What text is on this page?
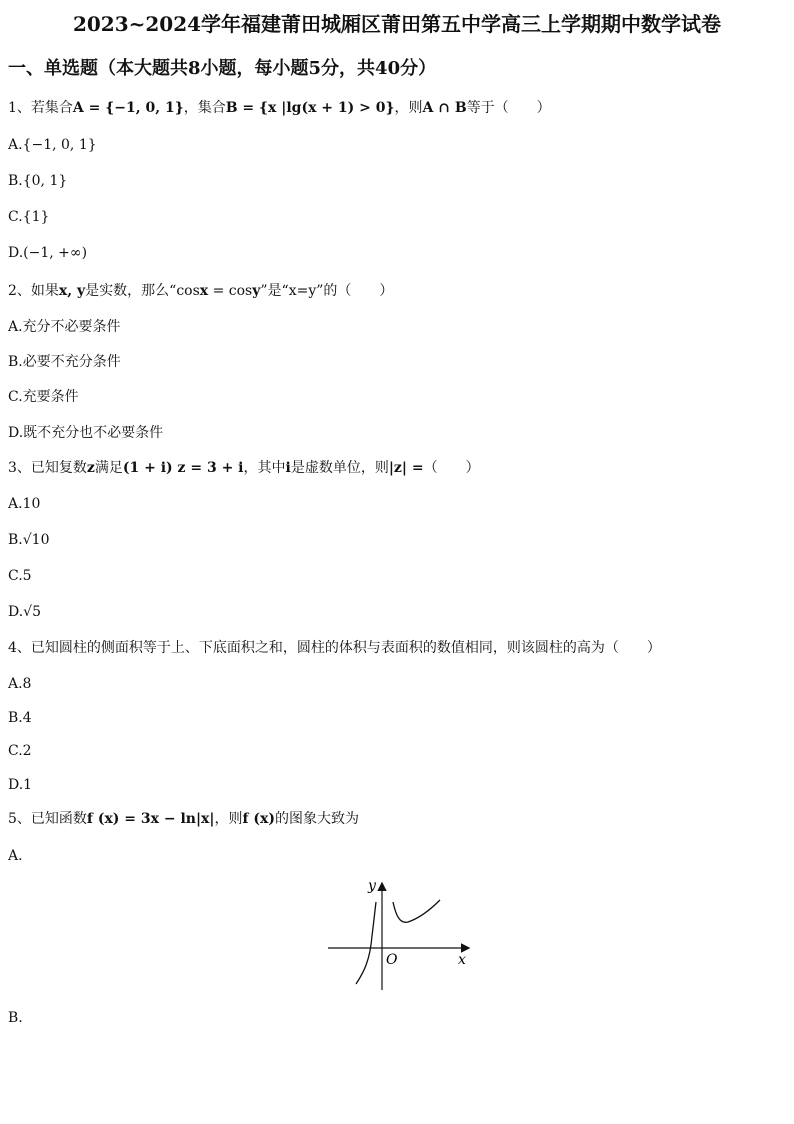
2023~2024学年福建莆田城厢区莆田第五中学高三上学期期中数学试卷
一、单选题（本大题共8小题，每小题5分，共40分）
1、若集合A = {−1, 0, 1}，集合B = {x |lg(x + 1) > 0}，则A ∩ B等于（　　）
A.{−1, 0, 1}
B.{0, 1}
C.{1}
D.(−1, +∞)
2、如果x, y是实数，那么“cosx = cosy”是“x=y”的（　　）
A.充分不必要条件
B.必要不充分条件
C.充要条件
D.既不充分也不必要条件
3、已知复数z满足(1 + i) z = 3 + i，其中i是虚数单位，则|z| =（　　）
A.10
B.√10
C.5
D.√5
4、已知圆柱的侧面积等于上、下底面积之和，圆柱的体积与表面积的数值相同，则该圆柱的高为（　　）
A.8
B.4
C.2
D.1
5、已知函数f (x) = 3x − ln|x|，则f (x)的图象大致为
A.
y
x
O
B.
